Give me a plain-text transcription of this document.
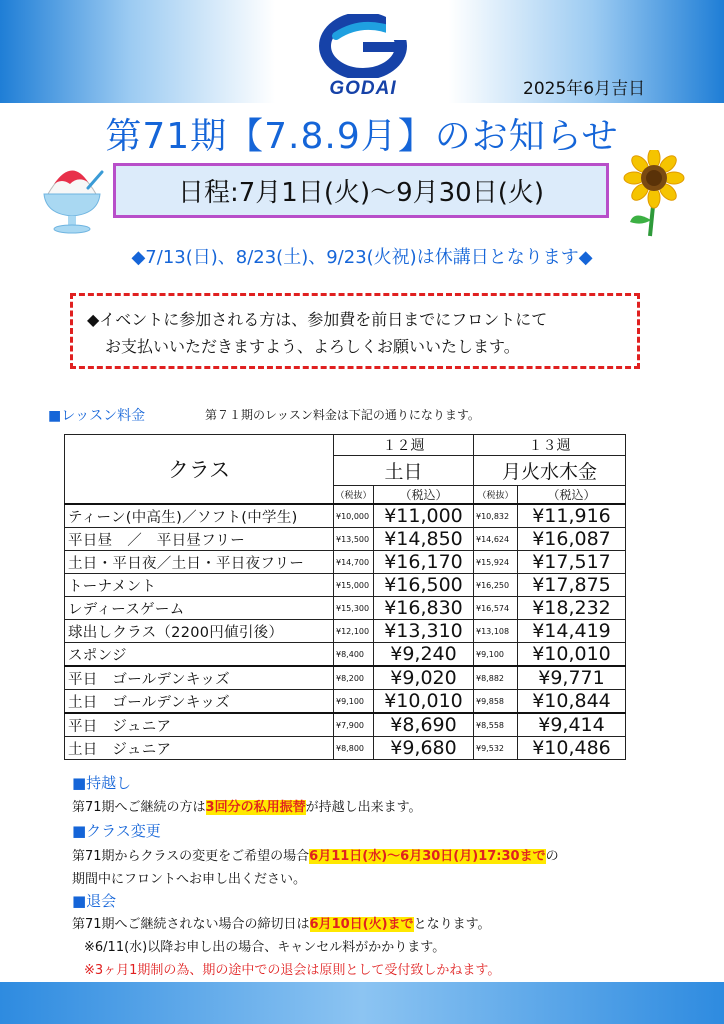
GODAI	2025年6月吉日
第71期【7.8.9月】のお知らせ
日程:7月1日(火)～9月30日(火)
◆7/13(日)、8/23(土)、9/23(火祝)は休講日となります◆
◆イベントに参加される方は、参加費を前日までにフロントにて
お支払いいただきますよう、よろしくお願いいたします。
■レッスン料金	第７１期のレッスン料金は下記の通りになります。
クラス	１２週		１３週	
	土日		月火水木金	
	（税抜）	（税込）	（税抜）	（税込）
ティーン(中高生)／ソフト(中学生)	¥10,000	¥11,000	¥10,832	¥11,916
平日昼　／　平日昼フリー	¥13,500	¥14,850	¥14,624	¥16,087
土日・平日夜／土日・平日夜フリー	¥14,700	¥16,170	¥15,924	¥17,517
トーナメント	¥15,000	¥16,500	¥16,250	¥17,875
レディースゲーム	¥15,300	¥16,830	¥16,574	¥18,232
球出しクラス（2200円値引後）	¥12,100	¥13,310	¥13,108	¥14,419
スポンジ	¥8,400	¥9,240	¥9,100	¥10,010
平日　ゴールデンキッズ	¥8,200	¥9,020	¥8,882	¥9,771
土日　ゴールデンキッズ	¥9,100	¥10,010	¥9,858	¥10,844
平日　ジュニア	¥7,900	¥8,690	¥8,558	¥9,414
土日　ジュニア	¥8,800	¥9,680	¥9,532	¥10,486
■持越し
第71期へご継続の方は3回分の私用振替が持越し出来ます。
■クラス変更
第71期からクラスの変更をご希望の場合6月11日(水)～6月30日(月)17:30までの
期間中にフロントへお申し出ください。
■退会
第71期へご継続されない場合の締切日は6月10日(火)までとなります。
※6/11(水)以降お申し出の場合、キャンセル料がかかります。
※3ヶ月1期制の為、期の途中での退会は原則として受付致しかねます。
